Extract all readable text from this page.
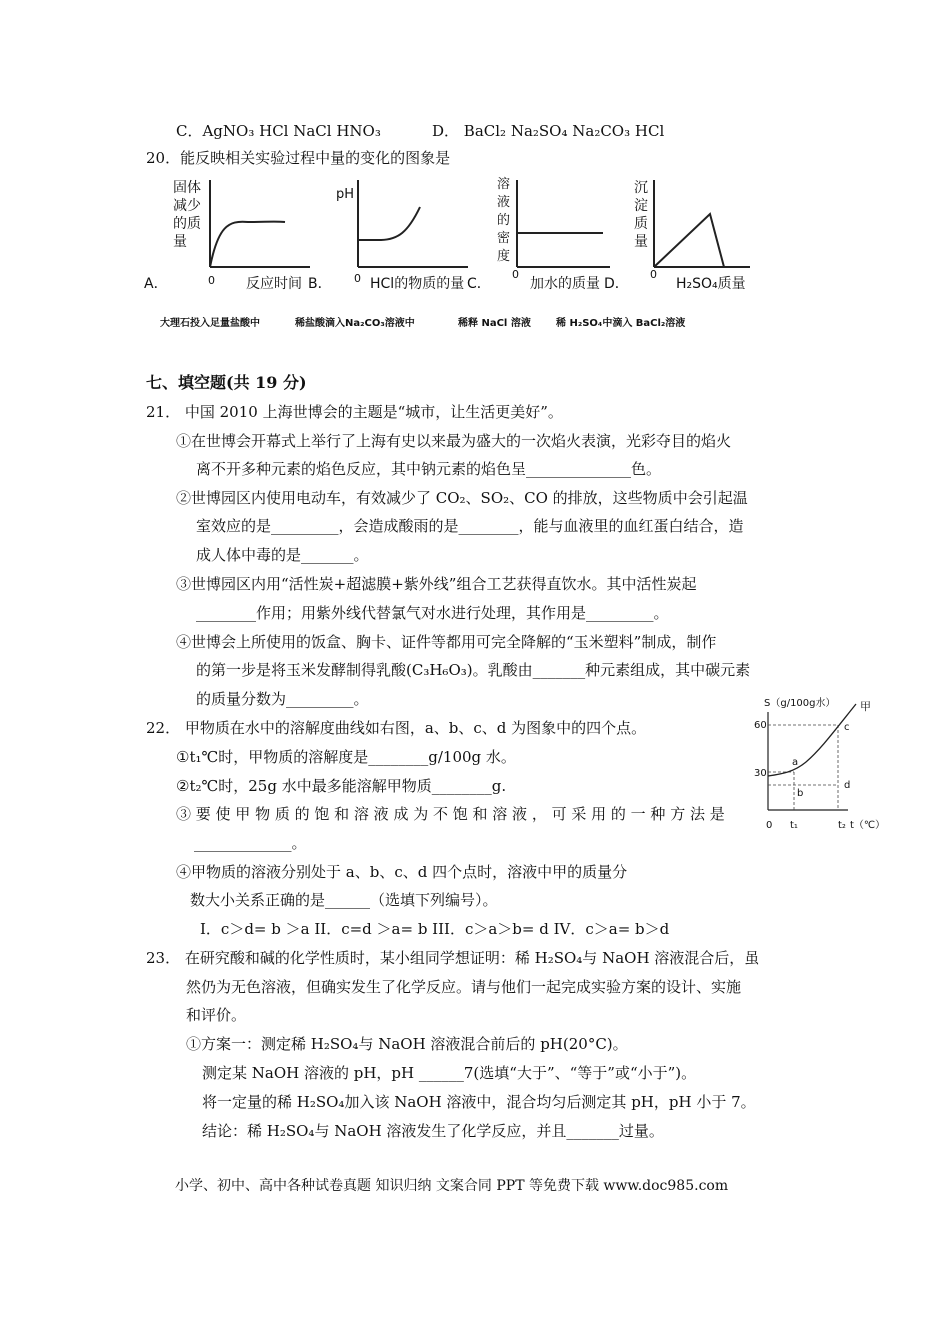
C．AgNO₃ HCl NaCl HNO₃	D． BaCl₂ Na₂SO₄ Na₂CO₃ HCl
20．能反映相关实验过程中量的变化的图象是
固体
减少
的质
量
0
A．	反应时间
pH
0
B．	HCl的物质的量
溶
液
的
密
度
0
C．	加水的质量
沉
淀
质
量
0
D．	H₂SO₄质量
大理石投入足量盐酸中	稀盐酸滴入Na₂CO₃溶液中	稀释 NaCl 溶液	稀 H₂SO₄中滴入 BaCl₂溶液
七、填空题(共 19 分)
21． 中国 2010 上海世博会的主题是“城市，让生活更美好”。
①在世博会开幕式上举行了上海有史以来最为盛大的一次焰火表演，光彩夺目的焰火
离不开多种元素的焰色反应，其中钠元素的焰色呈______________色。
②世博园区内使用电动车，有效减少了 CO₂、SO₂、CO 的排放，这些物质中会引起温
室效应的是_________，会造成酸雨的是________，能与血液里的血红蛋白结合，造
成人体中毒的是_______。
③世博园区内用“活性炭+超滤膜+紫外线”组合工艺获得直饮水。其中活性炭起
________作用；用紫外线代替氯气对水进行处理，其作用是_________。
④世博会上所使用的饭盒、胸卡、证件等都用可完全降解的“玉米塑料”制成，制作
的第一步是将玉米发酵制得乳酸(C₃H₆O₃)。乳酸由_______种元素组成，其中碳元素
的质量分数为_________。
22． 甲物质在水中的溶解度曲线如右图，a、b、c、d 为图象中的四个点。
①t₁℃时，甲物质的溶解度是________g/100g 水。
②t₂℃时，25g 水中最多能溶解甲物质________g.
③ 要 使 甲 物 质 的 饱 和 溶 液 成 为 不 饱 和 溶 液 ， 可 采 用 的 一 种 方 法 是
_____________。
④甲物质的溶液分别处于 a、b、c、d 四个点时，溶液中甲的质量分
数大小关系正确的是______（选填下列编号）。
Ⅰ．c＞d= b ＞a II．c=d ＞a= b III．c＞a＞b= d IV．c＞a= b＞d
S（g/100g水） 甲
60
30
a
b
c
d
0 t₁	t₂ t（℃）
23． 在研究酸和碱的化学性质时，某小组同学想证明：稀 H₂SO₄与 NaOH 溶液混合后，虽
然仍为无色溶液，但确实发生了化学反应。请与他们一起完成实验方案的设计、实施
和评价。
①方案一：测定稀 H₂SO₄与 NaOH 溶液混合前后的 pH(20°C)。
测定某 NaOH 溶液的 pH，pH ______7(选填“大于”、“等于”或“小于”)。
将一定量的稀 H₂SO₄加入该 NaOH 溶液中，混合均匀后测定其 pH，pH 小于 7。
结论：稀 H₂SO₄与 NaOH 溶液发生了化学反应，并且_______过量。
小学、初中、高中各种试卷真题 知识归纳 文案合同 PPT 等免费下载 www.doc985.com
